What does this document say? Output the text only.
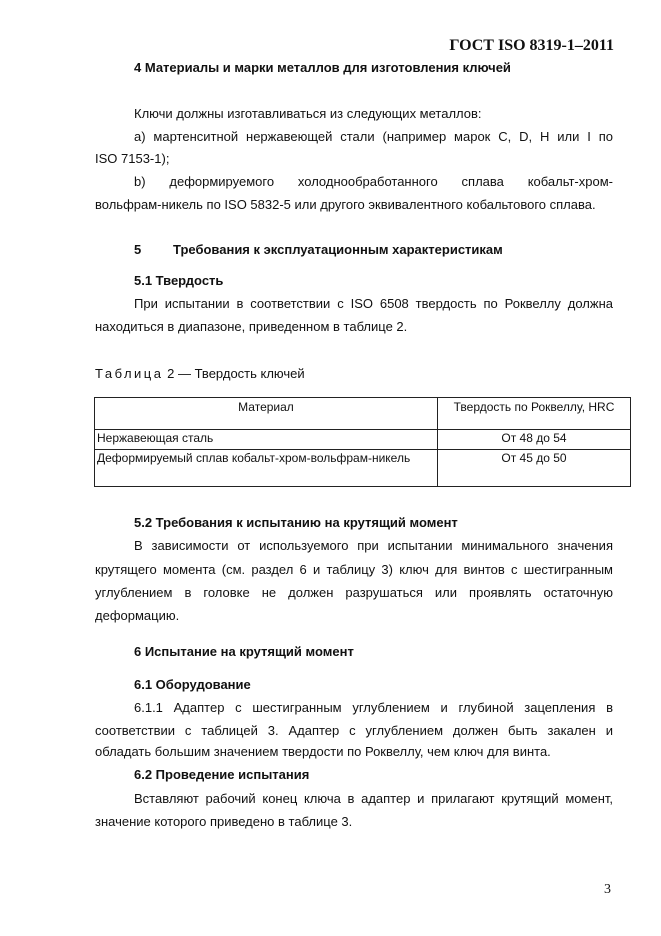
ГОСТ ISO 8319-1–2011
4 Материалы и марки металлов для изготовления ключей
Ключи должны изготавливаться из следующих металлов:
а) мартенситной нержавеющей стали (например марок С, D, H или I по
ISO 7153-1);
b) деформируемого холоднообработанного сплава кобальт-хром-
вольфрам-никель по ISO 5832-5 или другого эквивалентного кобальтового сплава.
5 Требования к эксплуатационным характеристикам
5.1 Твердость
При испытании в соответствии с ISO 6508 твердость по Роквеллу должна
находиться в диапазоне, приведенном в таблице 2.
Таблица 2 — Твердость ключей
Материал	Твердость по Роквеллу, HRC
Нержавеющая сталь	От 48 до 54
Деформируемый сплав кобальт-хром-вольфрам-никель	От 45 до 50
5.2 Требования к испытанию на крутящий момент
В зависимости от используемого при испытании минимального значения
крутящего момента (см. раздел 6 и таблицу 3) ключ для винтов с шестигранным
углублением в головке не должен разрушаться или проявлять остаточную
деформацию.
6 Испытание на крутящий момент
6.1 Оборудование
6.1.1 Адаптер с шестигранным углублением и глубиной зацепления в
соответствии с таблицей 3. Адаптер с углублением должен быть закален и
обладать большим значением твердости по Роквеллу, чем ключ для винта.
6.2 Проведение испытания
Вставляют рабочий конец ключа в адаптер и прилагают крутящий момент,
значение которого приведено в таблице 3.
3
